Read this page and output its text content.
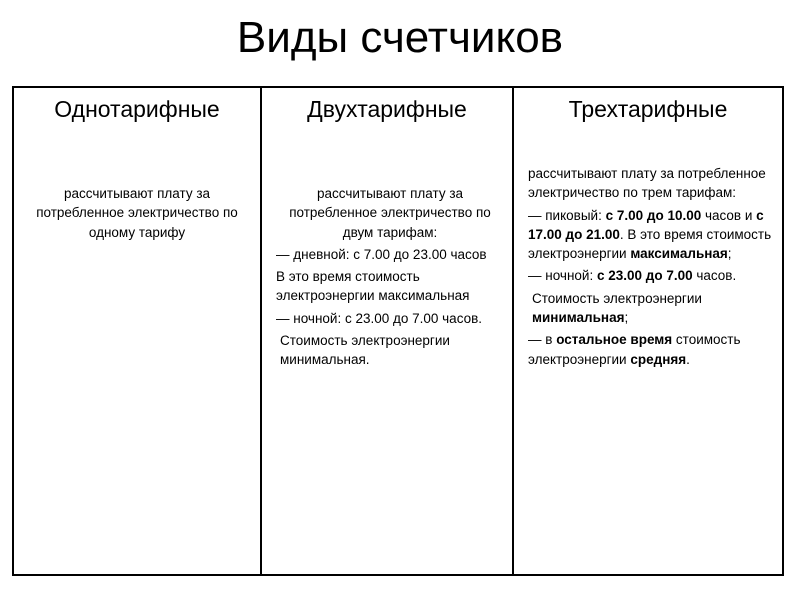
Виды счетчиков
Однотарифные

рассчитывают плату за потребленное электричество по одному тарифу

Двухтарифные

рассчитывают плату за потребленное электричество по двум тарифам:

— дневной: с 7.00 до 23.00 часов

В это время стоимость электроэнергии максимальная

— ночной: с 23.00 до 7.00 часов.

Стоимость электроэнергии минимальная.

Трехтарифные

рассчитывают плату за потребленное электричество по трем тарифам:

— пиковый: с 7.00 до 10.00 часов и с 17.00 до 21.00. В это время стоимость электроэнергии максимальная;

— ночной: с 23.00 до 7.00 часов.

Стоимость электроэнергии минимальная;

— в остальное время стоимость электроэнергии средняя.
